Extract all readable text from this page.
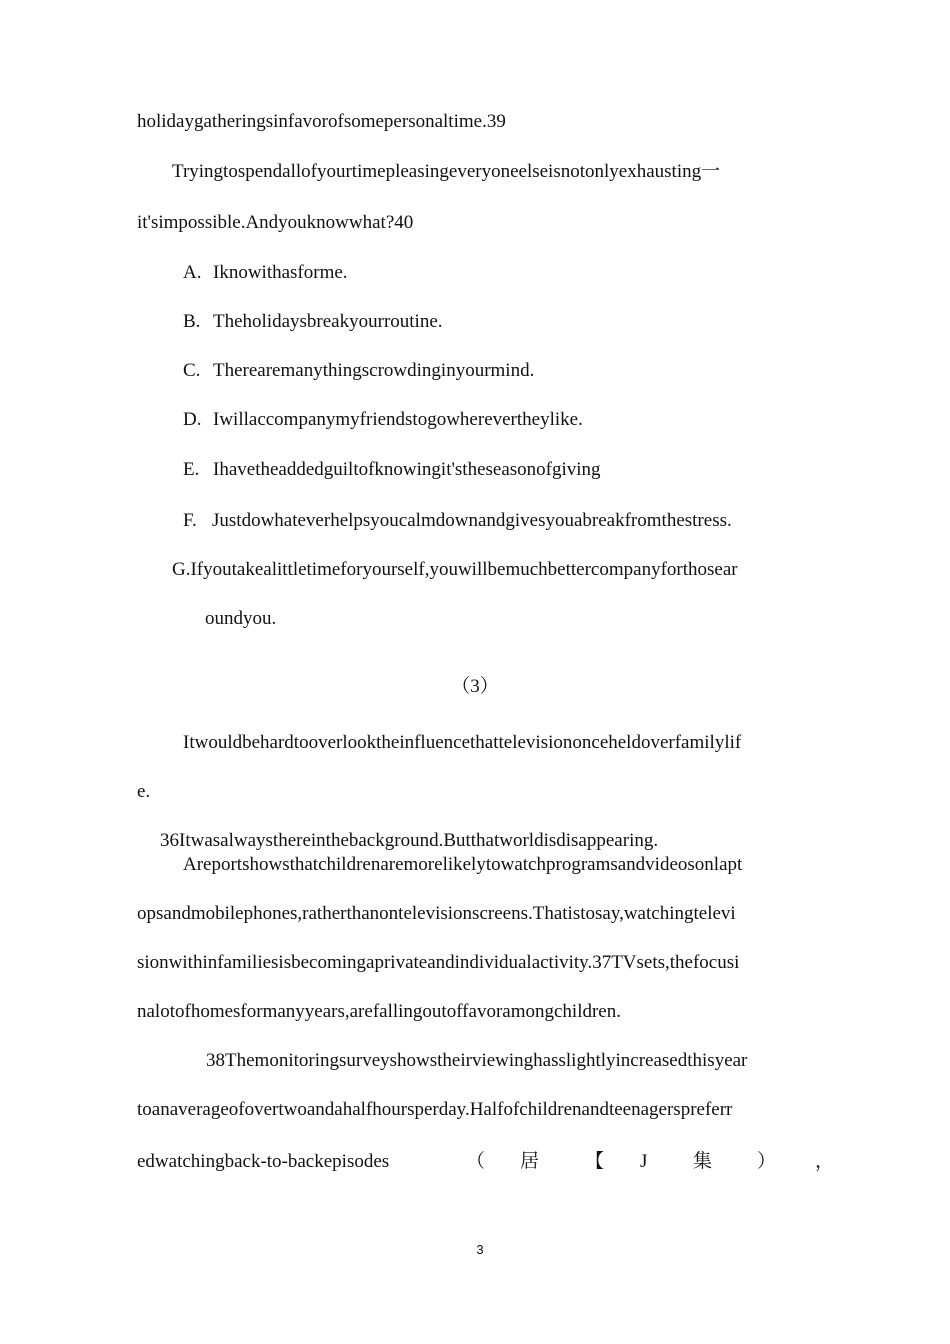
holidaygatheringsinfavorofsomepersonaltime.39
Tryingtospendallofyourtimepleasingeveryoneelseisnotonlyexhausting一
it'simpossible.Andyouknowwhat?40
A. Iknowithasforme.
B. Theholidaysbreakyourroutine.
C. Therearemanythingscrowdinginyourmind.
D. Iwillaccompanymyfriendstogowherevertheylike.
E. Ihavetheaddedguiltofknowingit'stheseasonofgiving
F. Justdowhateverhelpsyoucalmdownandgivesyouabreakfromthestress.
G.Ifyoutakealittletimeforyourself,youwillbemuchbettercompanyforthosear
oundyou.
（3）
Itwouldbehardtooverlooktheinfluencethattelevisiononceheldoverfamilylif
e.
36Itwasalwaysthereinthebackground.Butthatworldisdisappearing.
Areportshowsthatchildrenaremorelikelytowatchprogramsandvideosonlapt
opsandmobilephones,ratherthanontelevisionscreens.Thatistosay,watchingtelevi
sionwithinfamiliesisbecomingaprivateandindividualactivity.37TVsets,thefocusi
nalotofhomesformanyyears,arefallingoutoffavoramongchildren.
38Themonitoringsurveyshowstheirviewinghasslightlyincreasedthisyear
toanaverageofovertwoandahalfhoursperday.Halfofchildrenandteenagerspreferr
edwatchingback-to-backepisodes	（ 居 【 J 集 ） ，
3
